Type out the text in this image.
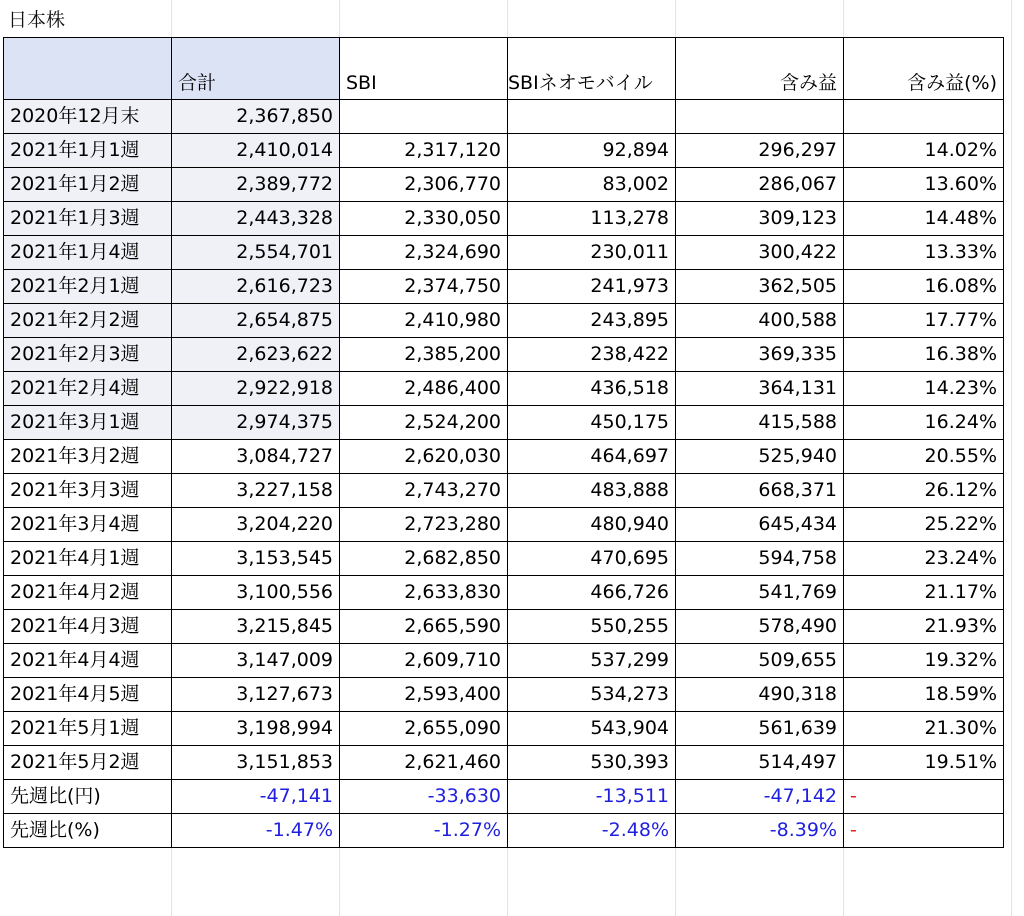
日本株
	合計	SBI	SBIネオモバイル	含み益	含み益(%)
2020年12月末	2,367,850				
2021年1月1週	2,410,014	2,317,120	92,894	296,297	14.02%
2021年1月2週	2,389,772	2,306,770	83,002	286,067	13.60%
2021年1月3週	2,443,328	2,330,050	113,278	309,123	14.48%
2021年1月4週	2,554,701	2,324,690	230,011	300,422	13.33%
2021年2月1週	2,616,723	2,374,750	241,973	362,505	16.08%
2021年2月2週	2,654,875	2,410,980	243,895	400,588	17.77%
2021年2月3週	2,623,622	2,385,200	238,422	369,335	16.38%
2021年2月4週	2,922,918	2,486,400	436,518	364,131	14.23%
2021年3月1週	2,974,375	2,524,200	450,175	415,588	16.24%
2021年3月2週	3,084,727	2,620,030	464,697	525,940	20.55%
2021年3月3週	3,227,158	2,743,270	483,888	668,371	26.12%
2021年3月4週	3,204,220	2,723,280	480,940	645,434	25.22%
2021年4月1週	3,153,545	2,682,850	470,695	594,758	23.24%
2021年4月2週	3,100,556	2,633,830	466,726	541,769	21.17%
2021年4月3週	3,215,845	2,665,590	550,255	578,490	21.93%
2021年4月4週	3,147,009	2,609,710	537,299	509,655	19.32%
2021年4月5週	3,127,673	2,593,400	534,273	490,318	18.59%
2021年5月1週	3,198,994	2,655,090	543,904	561,639	21.30%
2021年5月2週	3,151,853	2,621,460	530,393	514,497	19.51%
先週比(円)	-47,141	-33,630	-13,511	-47,142	-
先週比(%)	-1.47%	-1.27%	-2.48%	-8.39%	-
